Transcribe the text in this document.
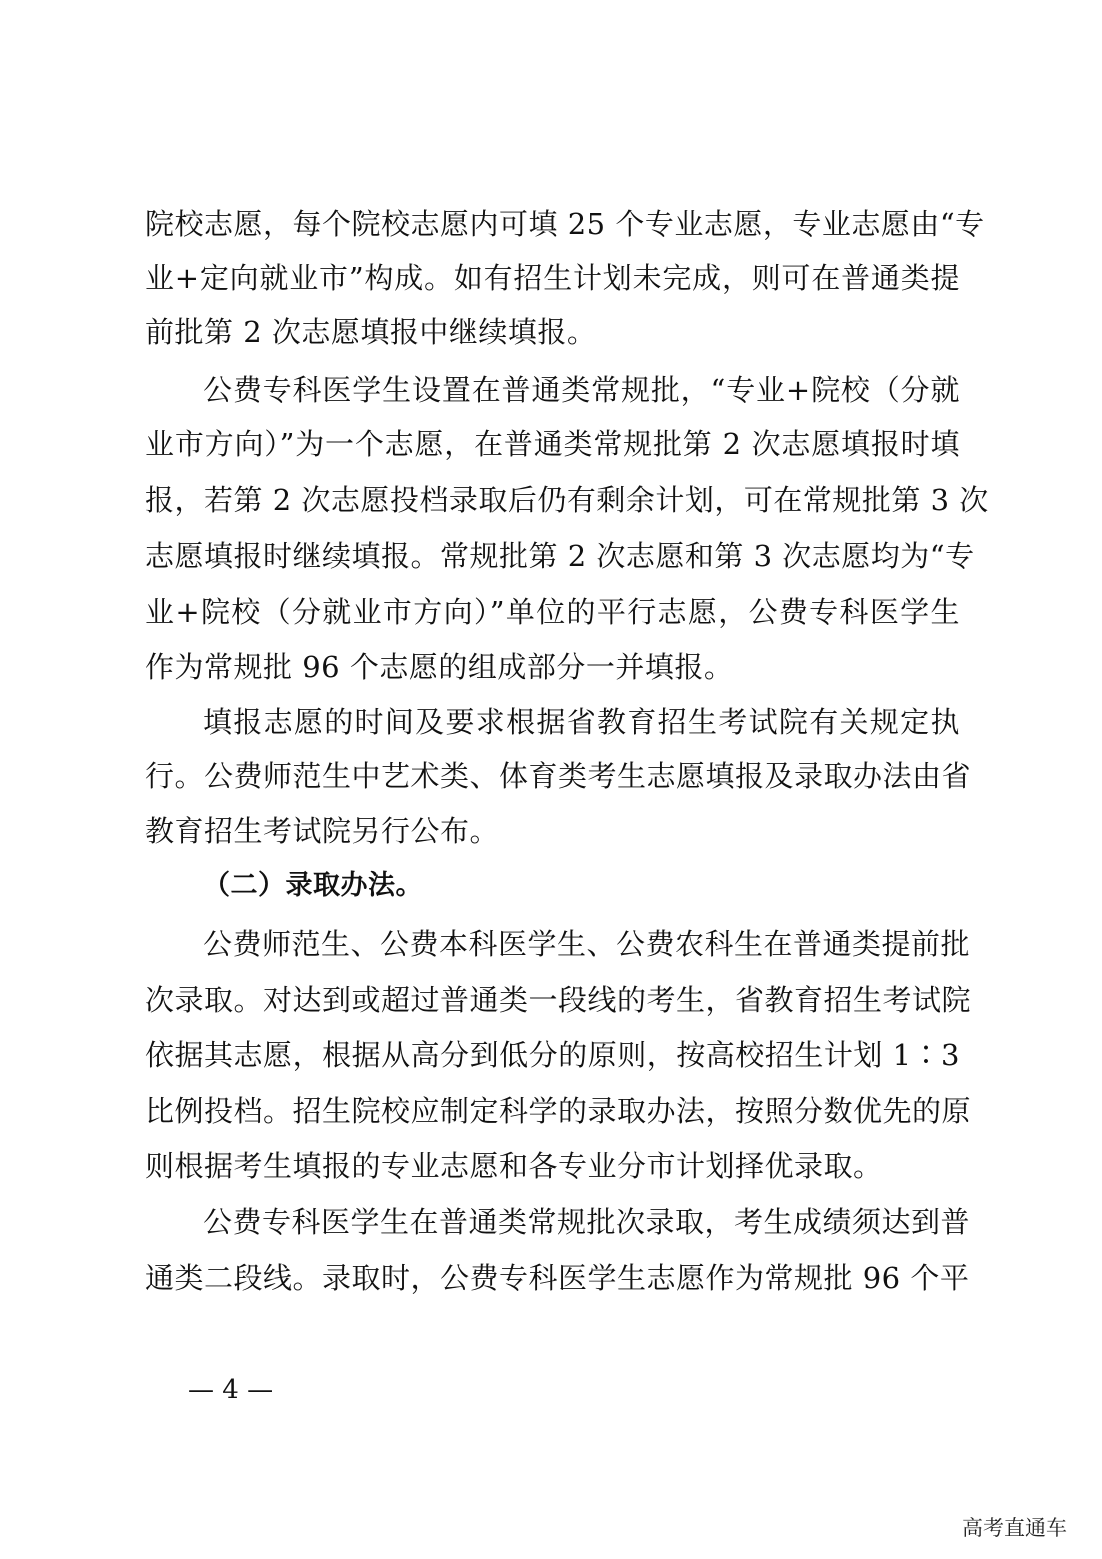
院校志愿，每个院校志愿内可填 25 个专业志愿，专业志愿由“专
业+定向就业市”构成。如有招生计划未完成，则可在普通类提
前批第 2 次志愿填报中继续填报。
公费专科医学生设置在普通类常规批，“专业+院校（分就
业市方向）”为一个志愿，在普通类常规批第 2 次志愿填报时填
报，若第 2 次志愿投档录取后仍有剩余计划，可在常规批第 3 次
志愿填报时继续填报。常规批第 2 次志愿和第 3 次志愿均为“专
业+院校（分就业市方向）”单位的平行志愿，公费专科医学生
作为常规批 96 个志愿的组成部分一并填报。
填报志愿的时间及要求根据省教育招生考试院有关规定执
行。公费师范生中艺术类、体育类考生志愿填报及录取办法由省
教育招生考试院另行公布。
（二）录取办法。
公费师范生、公费本科医学生、公费农科生在普通类提前批
次录取。对达到或超过普通类一段线的考生，省教育招生考试院
依据其志愿，根据从高分到低分的原则，按高校招生计划 1∶3
比例投档。招生院校应制定科学的录取办法，按照分数优先的原
则根据考生填报的专业志愿和各专业分市计划择优录取。
公费专科医学生在普通类常规批次录取，考生成绩须达到普
通类二段线。录取时，公费专科医学生志愿作为常规批 96 个平
— 4 —
高考直通车
